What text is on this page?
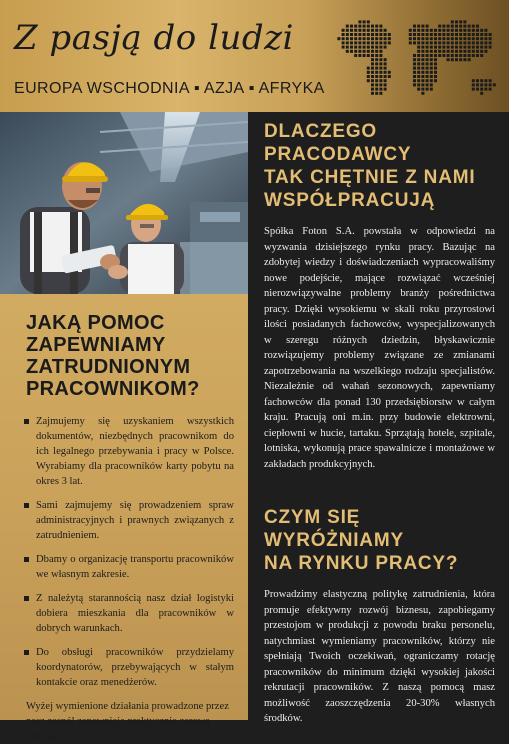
Z pasją do ludzi
EUROPA WSCHODNIA ▪ AZJA ▪ AFRYKA
JAKĄ POMOC
ZAPEWNIAMY
ZATRUDNIONYM
PRACOWNIKOM?
Zajmujemy się uzyskaniem wszystkich dokumentów, niezbędnych pracownikom do ich legalnego przebywania i pracy w Polsce. Wyrabiamy dla pracowników karty pobytu na okres 3 lat.
Sami zajmujemy się prowadzeniem spraw administracyjnych i prawnych związanych z zatrudnieniem.
Dbamy o organizację transportu pracowników we własnym zakresie.
Z należytą starannością nasz dział logistyki dobiera mieszkania dla pracowników w dobrych warunkach.
Do obsługi pracowników przydzielamy koordynatorów, przebywających w stałym kontakcie oraz menedżerów.

Wyżej wymienione działania prowadzone przez nasz zespół zapewniają praktycznie zerową rotację.

DLACZEGO
PRACODAWCY
TAK CHĘTNIE Z NAMI
WSPÓŁPRACUJĄ

Spółka Foton S.A. powstała w odpowiedzi na wyzwania dzisiejszego rynku pracy. Bazując na zdobytej wiedzy i doświadczeniach wypracowaliśmy nowe podejście, mające rozwiązać wcześniej nierozwiązywalne problemy branży pośrednictwa pracy. Dzięki wysokiemu w skali roku przyrostowi ilości posiadanych fachowców, wyspecjalizowanych w szeregu różnych dziedzin, błyskawicznie rozwiązujemy problemy związane ze zmianami zapotrzebowania na wszelkiego rodzaju specjalistów. Niezależnie od wahań sezonowych, zapewniamy fachowców dla ponad 130 przedsiębiorstw w całym kraju. Pracują oni m.in. przy budowie elektrowni, ciepłowni w hucie, tartaku. Sprzątają hotele, szpitale, lotniska, wykonują prace spawalnicze i montażowe w zakładach produkcyjnych.

CZYM SIĘ
WYRÓŻNIAMY
NA RYNKU PRACY?

Prowadzimy elastyczną politykę zatrudnienia, która promuje efektywny rozwój biznesu, zapobiegamy przestojom w produkcji z powodu braku personelu, natychmiast wymieniamy pracowników, którzy nie spełniają Twoich oczekiwań, ograniczamy rotację pracowników do minimum dzięki wysokiej jakości rekrutacji pracowników. Z naszą pomocą masz możliwość zaoszczędzenia 20-30% własnych środków.
